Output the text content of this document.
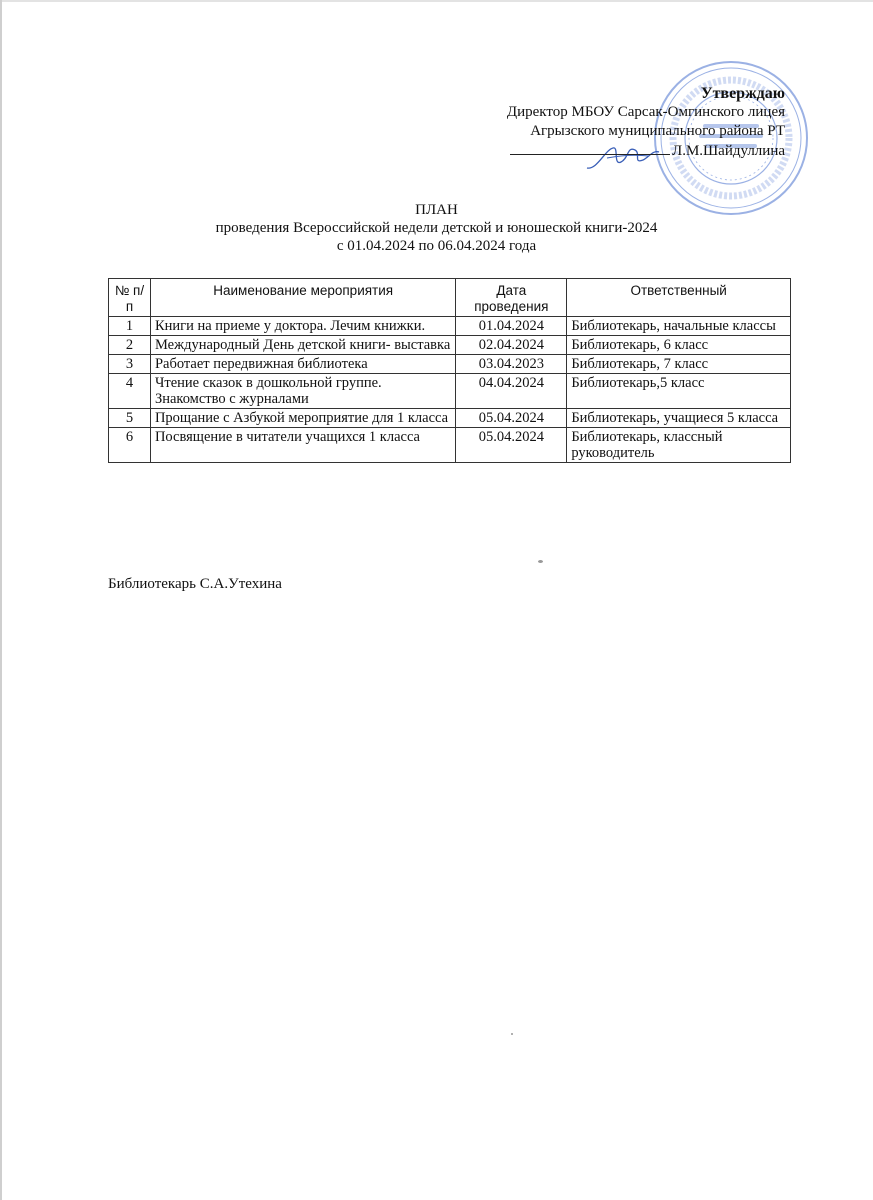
Утверждаю
Директор МБОУ Сарсак-Омгинского лицея
Агрызского муниципального района РТ
Л.М.Шайдуллина
ПЛАН
проведения Всероссийской недели детской и юношеской книги-2024
с 01.04.2024 по 06.04.2024 года
№ п/п	Наименование мероприятия	Дата проведения	Ответственный
1	Книги на приеме у доктора. Лечим книжки.	01.04.2024	Библиотекарь, начальные классы
2	Международный День детской книги- выставка	02.04.2024	Библиотекарь, 6 класс
3	Работает передвижная библиотека	03.04.2023	Библиотекарь, 7 класс
4	Чтение сказок в дошкольной группе. Знакомство с журналами	04.04.2024	Библиотекарь,5 класс
5	Прощание с Азбукой мероприятие для 1 класса	05.04.2024	Библиотекарь, учащиеся 5 класса
6	Посвящение в читатели учащихся 1 класса	05.04.2024	Библиотекарь, классный руководитель
Библиотекарь С.А.Утехина
